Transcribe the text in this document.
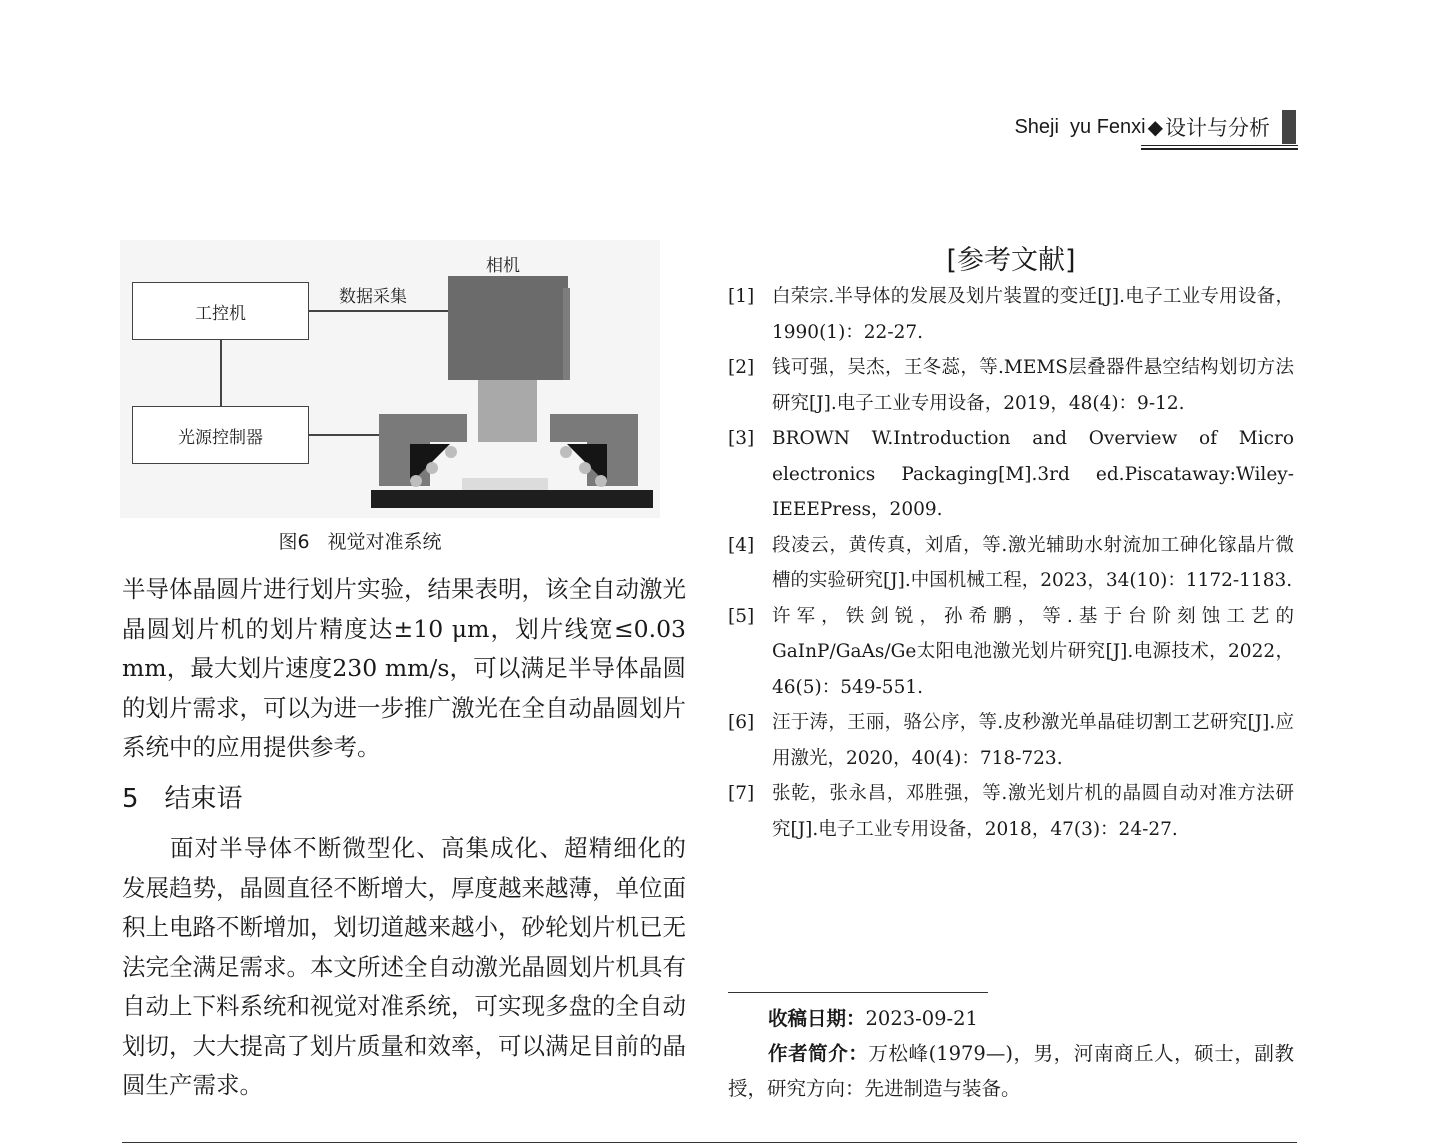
Sheji  yu Fenxi ◆ 设计与分析
工控机
光源控制器
相机
数据采集
图6 视觉对准系统

半导体晶圆片进行划片实验，结果表明，该全自动激光晶圆划片机的划片精度达±10 μm，划片线宽≤0.03 mm，最大划片速度230 mm/s，可以满足半导体晶圆的划片需求，可以为进一步推广激光在全自动晶圆划片系统中的应用提供参考。

5 结束语

面对半导体不断微型化、高集成化、超精细化的发展趋势，晶圆直径不断增大，厚度越来越薄，单位面积上电路不断增加，划切道越来越小，砂轮划片机已无法完全满足需求。本文所述全自动激光晶圆划片机具有自动上下料系统和视觉对准系统，可实现多盘的全自动划切，大大提高了划片质量和效率，可以满足目前的晶圆生产需求。

[参考文献]
[1] 白荣宗.半导体的发展及划片装置的变迁[J].电子工业专用设备，1990(1)：22-27.
[2] 钱可强，吴杰，王冬蕊，等.MEMS层叠器件悬空结构划切方法研究[J].电子工业专用设备，2019，48(4)：9-12.
[3] BROWN W.Introduction and Overview of Micro electronics Packaging[M].3rd ed.Piscataway:Wiley-IEEEPress，2009.
[4] 段凌云，黄传真，刘盾，等.激光辅助水射流加工砷化镓晶片微槽的实验研究[J].中国机械工程，2023，34(10)：1172-1183.
[5] 许军，铁剑锐，孙希鹏，等.基于台阶刻蚀工艺的GaInP/GaAs/Ge太阳电池激光划片研究[J].电源技术，2022，46(5)：549-551.
[6] 汪于涛，王丽，骆公序，等.皮秒激光单晶硅切割工艺研究[J].应用激光，2020，40(4)：718-723.
[7] 张乾，张永昌，邓胜强，等.激光划片机的晶圆自动对准方法研究[J].电子工业专用设备，2018，47(3)：24-27.
收稿日期：2023-09-21
作者简介：万松峰(1979—)，男，河南商丘人，硕士，副教授，研究方向：先进制造与装备。
